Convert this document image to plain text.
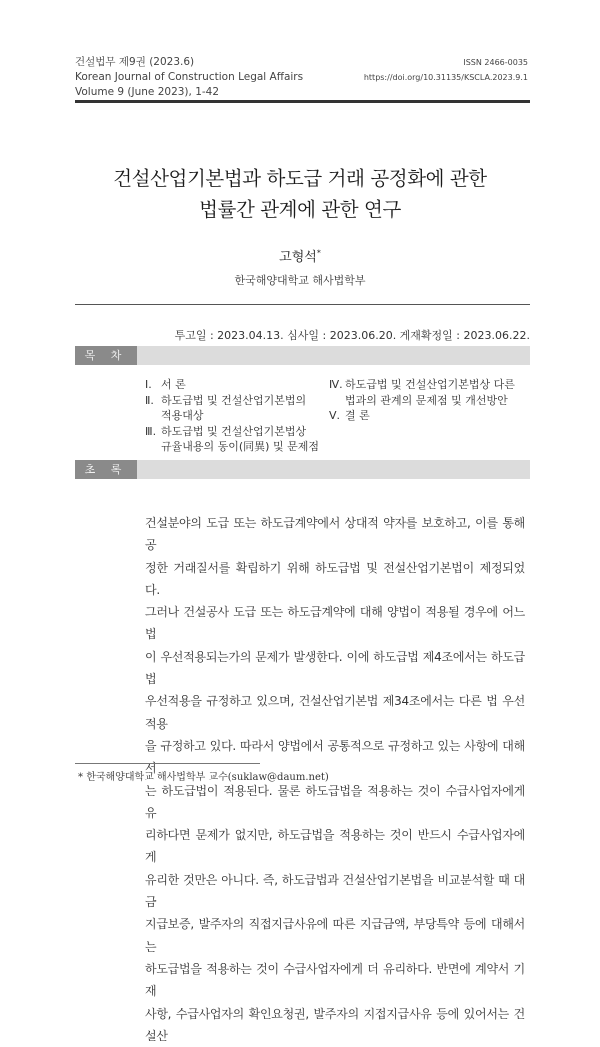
건설법무 제9권 (2023.6)
Korean Journal of Construction Legal Affairs
Volume 9 (June 2023), 1-42
ISSN 2466-0035
https://doi.org/10.31135/KSCLA.2023.9.1
건설산업기본법과 하도급 거래 공정화에 관한
법률간 관계에 관한 연구
고형석*
한국해양대학교 해사법학부
투고일 : 2023.04.13. 심사일 : 2023.06.20. 게재확정일 : 2023.06.22.
목 차
Ⅰ. 서 론
Ⅱ. 하도급법 및 건설산업기본법의 적용대상
Ⅲ. 하도급법 및 건설산업기본법상 규율내용의 동이(同異) 및 문제점
Ⅳ. 하도급법 및 건설산업기본법상 다른 법과의 관계의 문제점 및 개선방안
Ⅴ. 결 론
초 록

건설분야의 도급 또는 하도급계약에서 상대적 약자를 보호하고, 이를 통해 공

정한 거래질서를 확립하기 위해 하도급법 및 전설산업기본법이 제정되었다.

그러나 건설공사 도급 또는 하도급계약에 대해 양법이 적용될 경우에 어느 법

이 우선적용되는가의 문제가 발생한다. 이에 하도급법 제4조에서는 하도급법

우선적용을 규정하고 있으며, 건설산업기본법 제34조에서는 다른 법 우선적용

을 규정하고 있다. 따라서 양법에서 공통적으로 규정하고 있는 사항에 대해서

는 하도급법이 적용된다. 물론 하도급법을 적용하는 것이 수급사업자에게 유

리하다면 문제가 없지만, 하도급법을 적용하는 것이 반드시 수급사업자에게

유리한 것만은 아니다. 즉, 하도급법과 건설산업기본법을 비교분석할 때 대금

지급보증, 발주자의 직접지급사유에 따른 지급금액, 부당특약 등에 대해서는

하도급법을 적용하는 것이 수급사업자에게 더 유리하다. 반면에 계약서 기재

사항, 수급사업자의 확인요청권, 발주자의 지접지급사유 등에 있어서는 건설산

* 한국해양대학교 해사법학부 교수(suklaw@daum.net)
